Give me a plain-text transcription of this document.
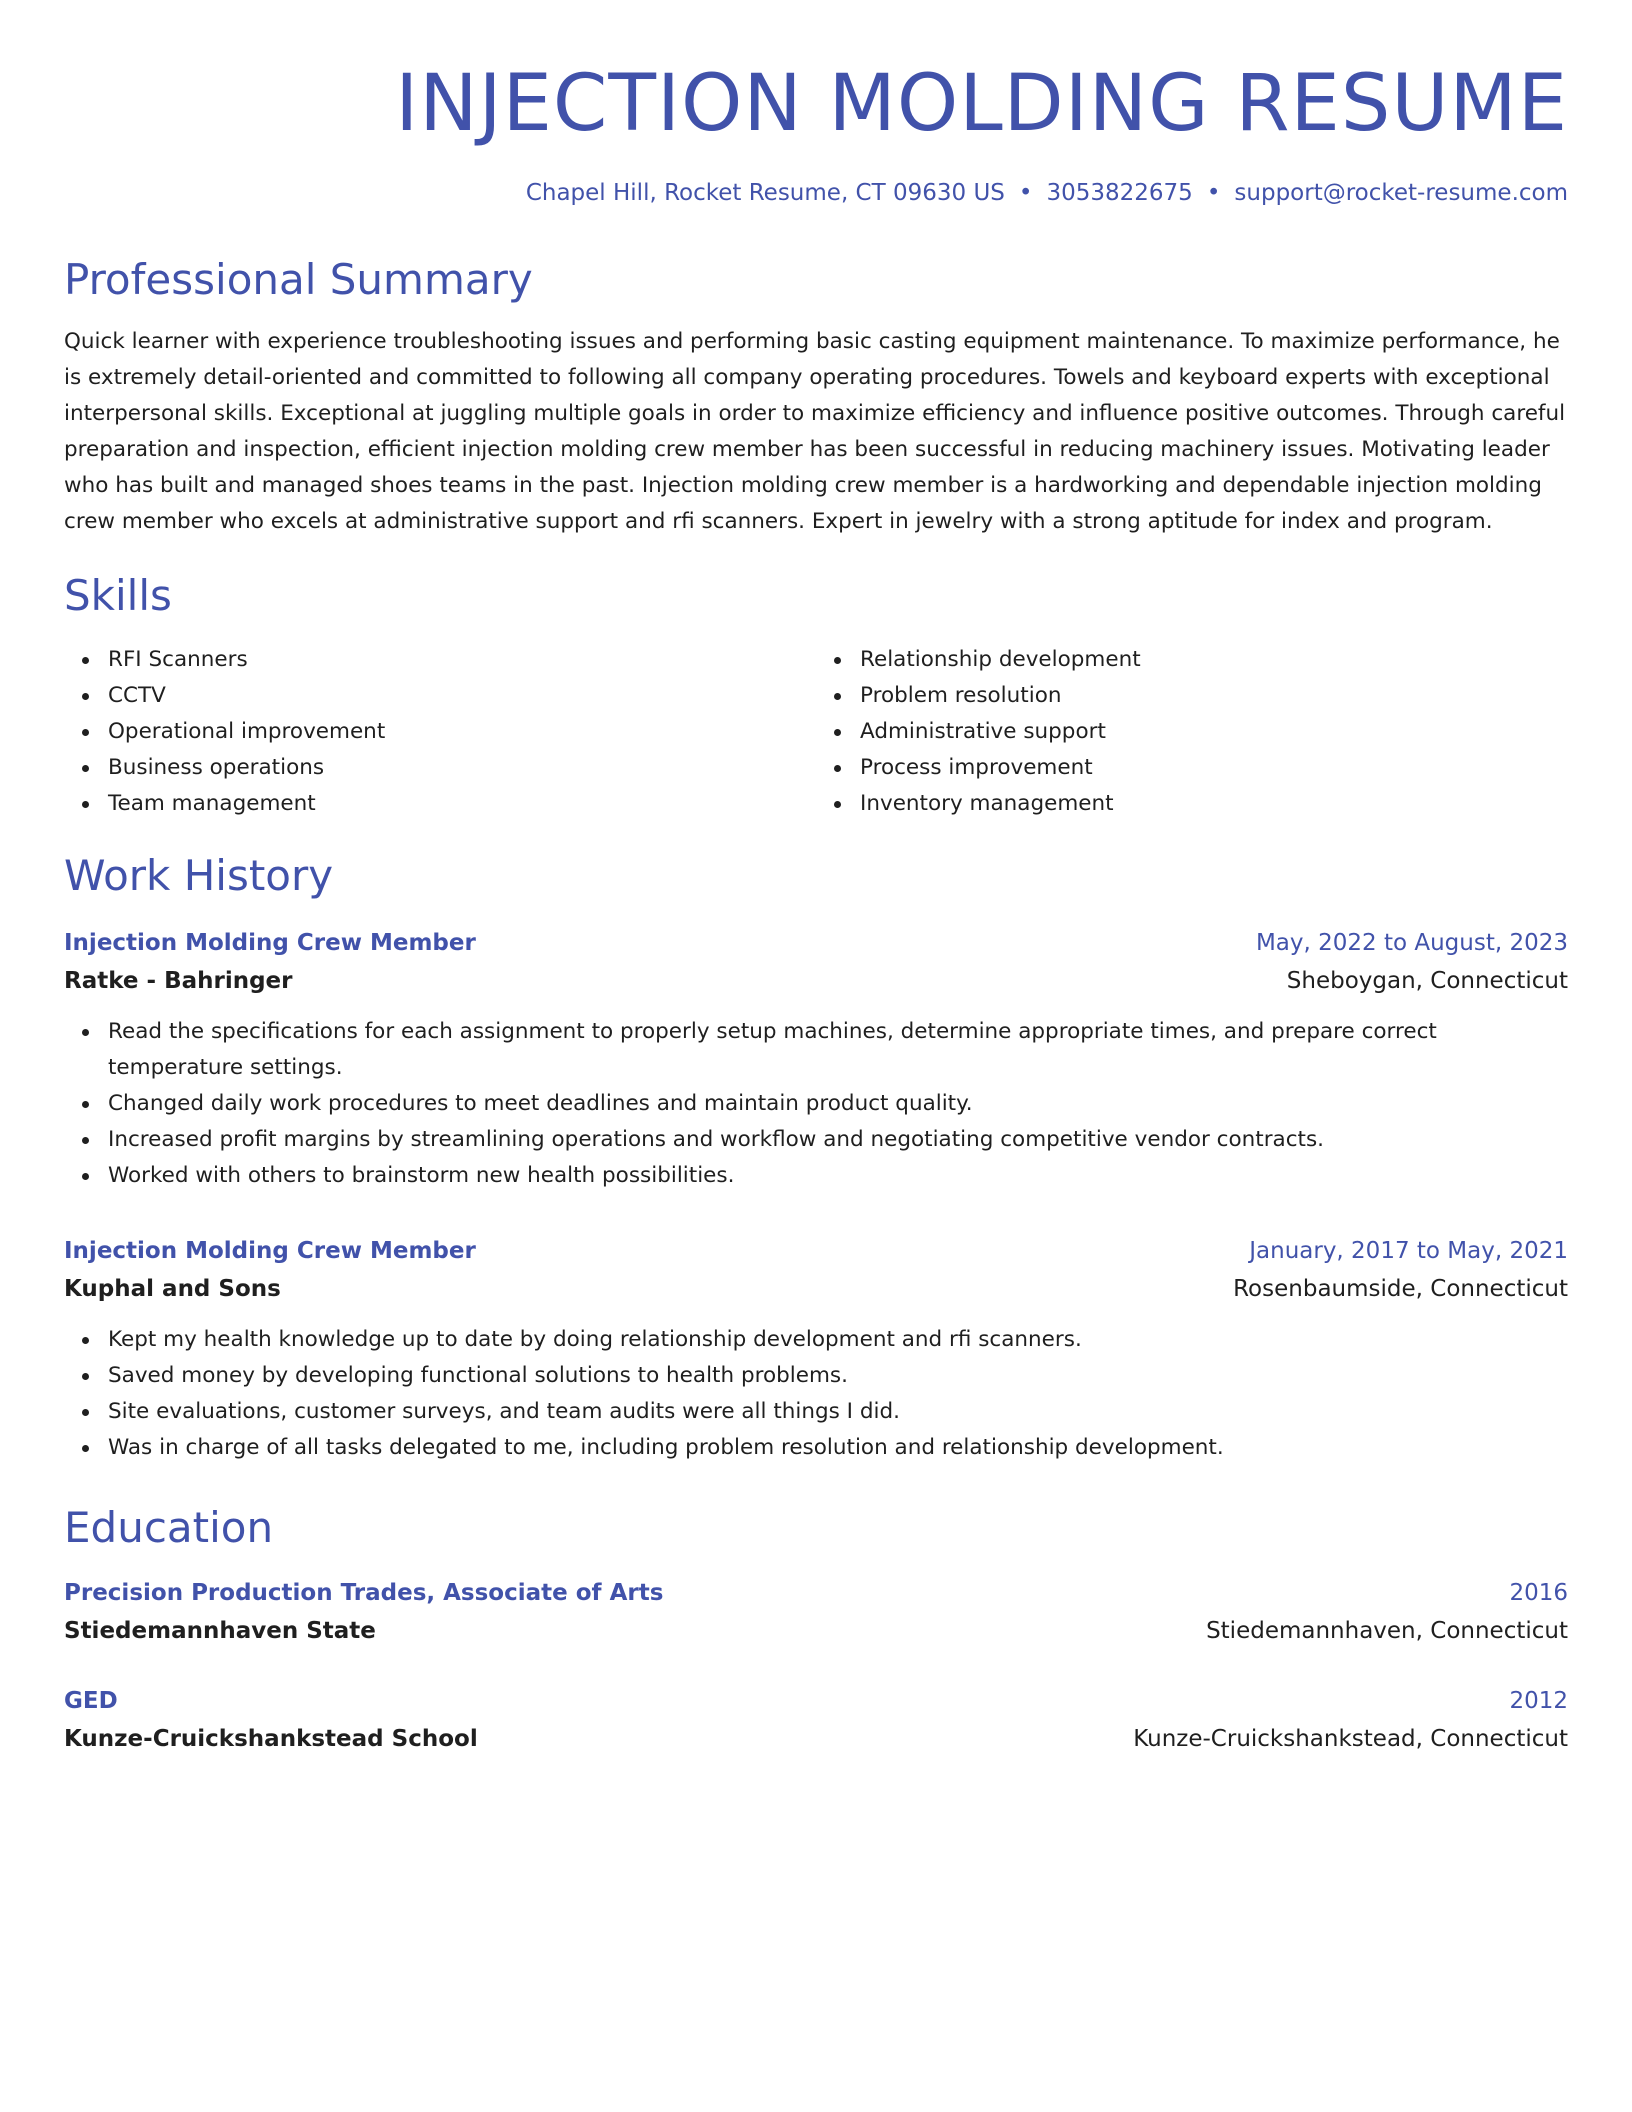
INJECTION MOLDING RESUME
Chapel Hill, Rocket Resume, CT 09630 US • 3053822675 • support@rocket-resume.com
Professional Summary

Quick learner with experience troubleshooting issues and performing basic casting equipment maintenance. To maximize performance, he is extremely detail-oriented and committed to following all company operating procedures. Towels and keyboard experts with exceptional interpersonal skills. Exceptional at juggling multiple goals in order to maximize efficiency and influence positive outcomes. Through careful preparation and inspection, efficient injection molding crew member has been successful in reducing machinery issues. Motivating leader who has built and managed shoes teams in the past. Injection molding crew member is a hardworking and dependable injection molding crew member who excels at administrative support and rfi scanners. Expert in jewelry with a strong aptitude for index and program.

Skills
RFI Scanners
CCTV
Operational improvement
Business operations
Team management
Relationship development
Problem resolution
Administrative support
Process improvement
Inventory management
Work History
Injection Molding Crew Member	May, 2022 to August, 2023
Ratke - Bahringer	Sheboygan, Connecticut
Read the specifications for each assignment to properly setup machines, determine appropriate times, and prepare correct temperature settings.
Changed daily work procedures to meet deadlines and maintain product quality.
Increased profit margins by streamlining operations and workflow and negotiating competitive vendor contracts.
Worked with others to brainstorm new health possibilities.
Injection Molding Crew Member	January, 2017 to May, 2021
Kuphal and Sons	Rosenbaumside, Connecticut
Kept my health knowledge up to date by doing relationship development and rfi scanners.
Saved money by developing functional solutions to health problems.
Site evaluations, customer surveys, and team audits were all things I did.
Was in charge of all tasks delegated to me, including problem resolution and relationship development.
Education
Precision Production Trades, Associate of Arts	2016
Stiedemannhaven State	Stiedemannhaven, Connecticut
GED	2012
Kunze-Cruickshankstead School	Kunze-Cruickshankstead, Connecticut
